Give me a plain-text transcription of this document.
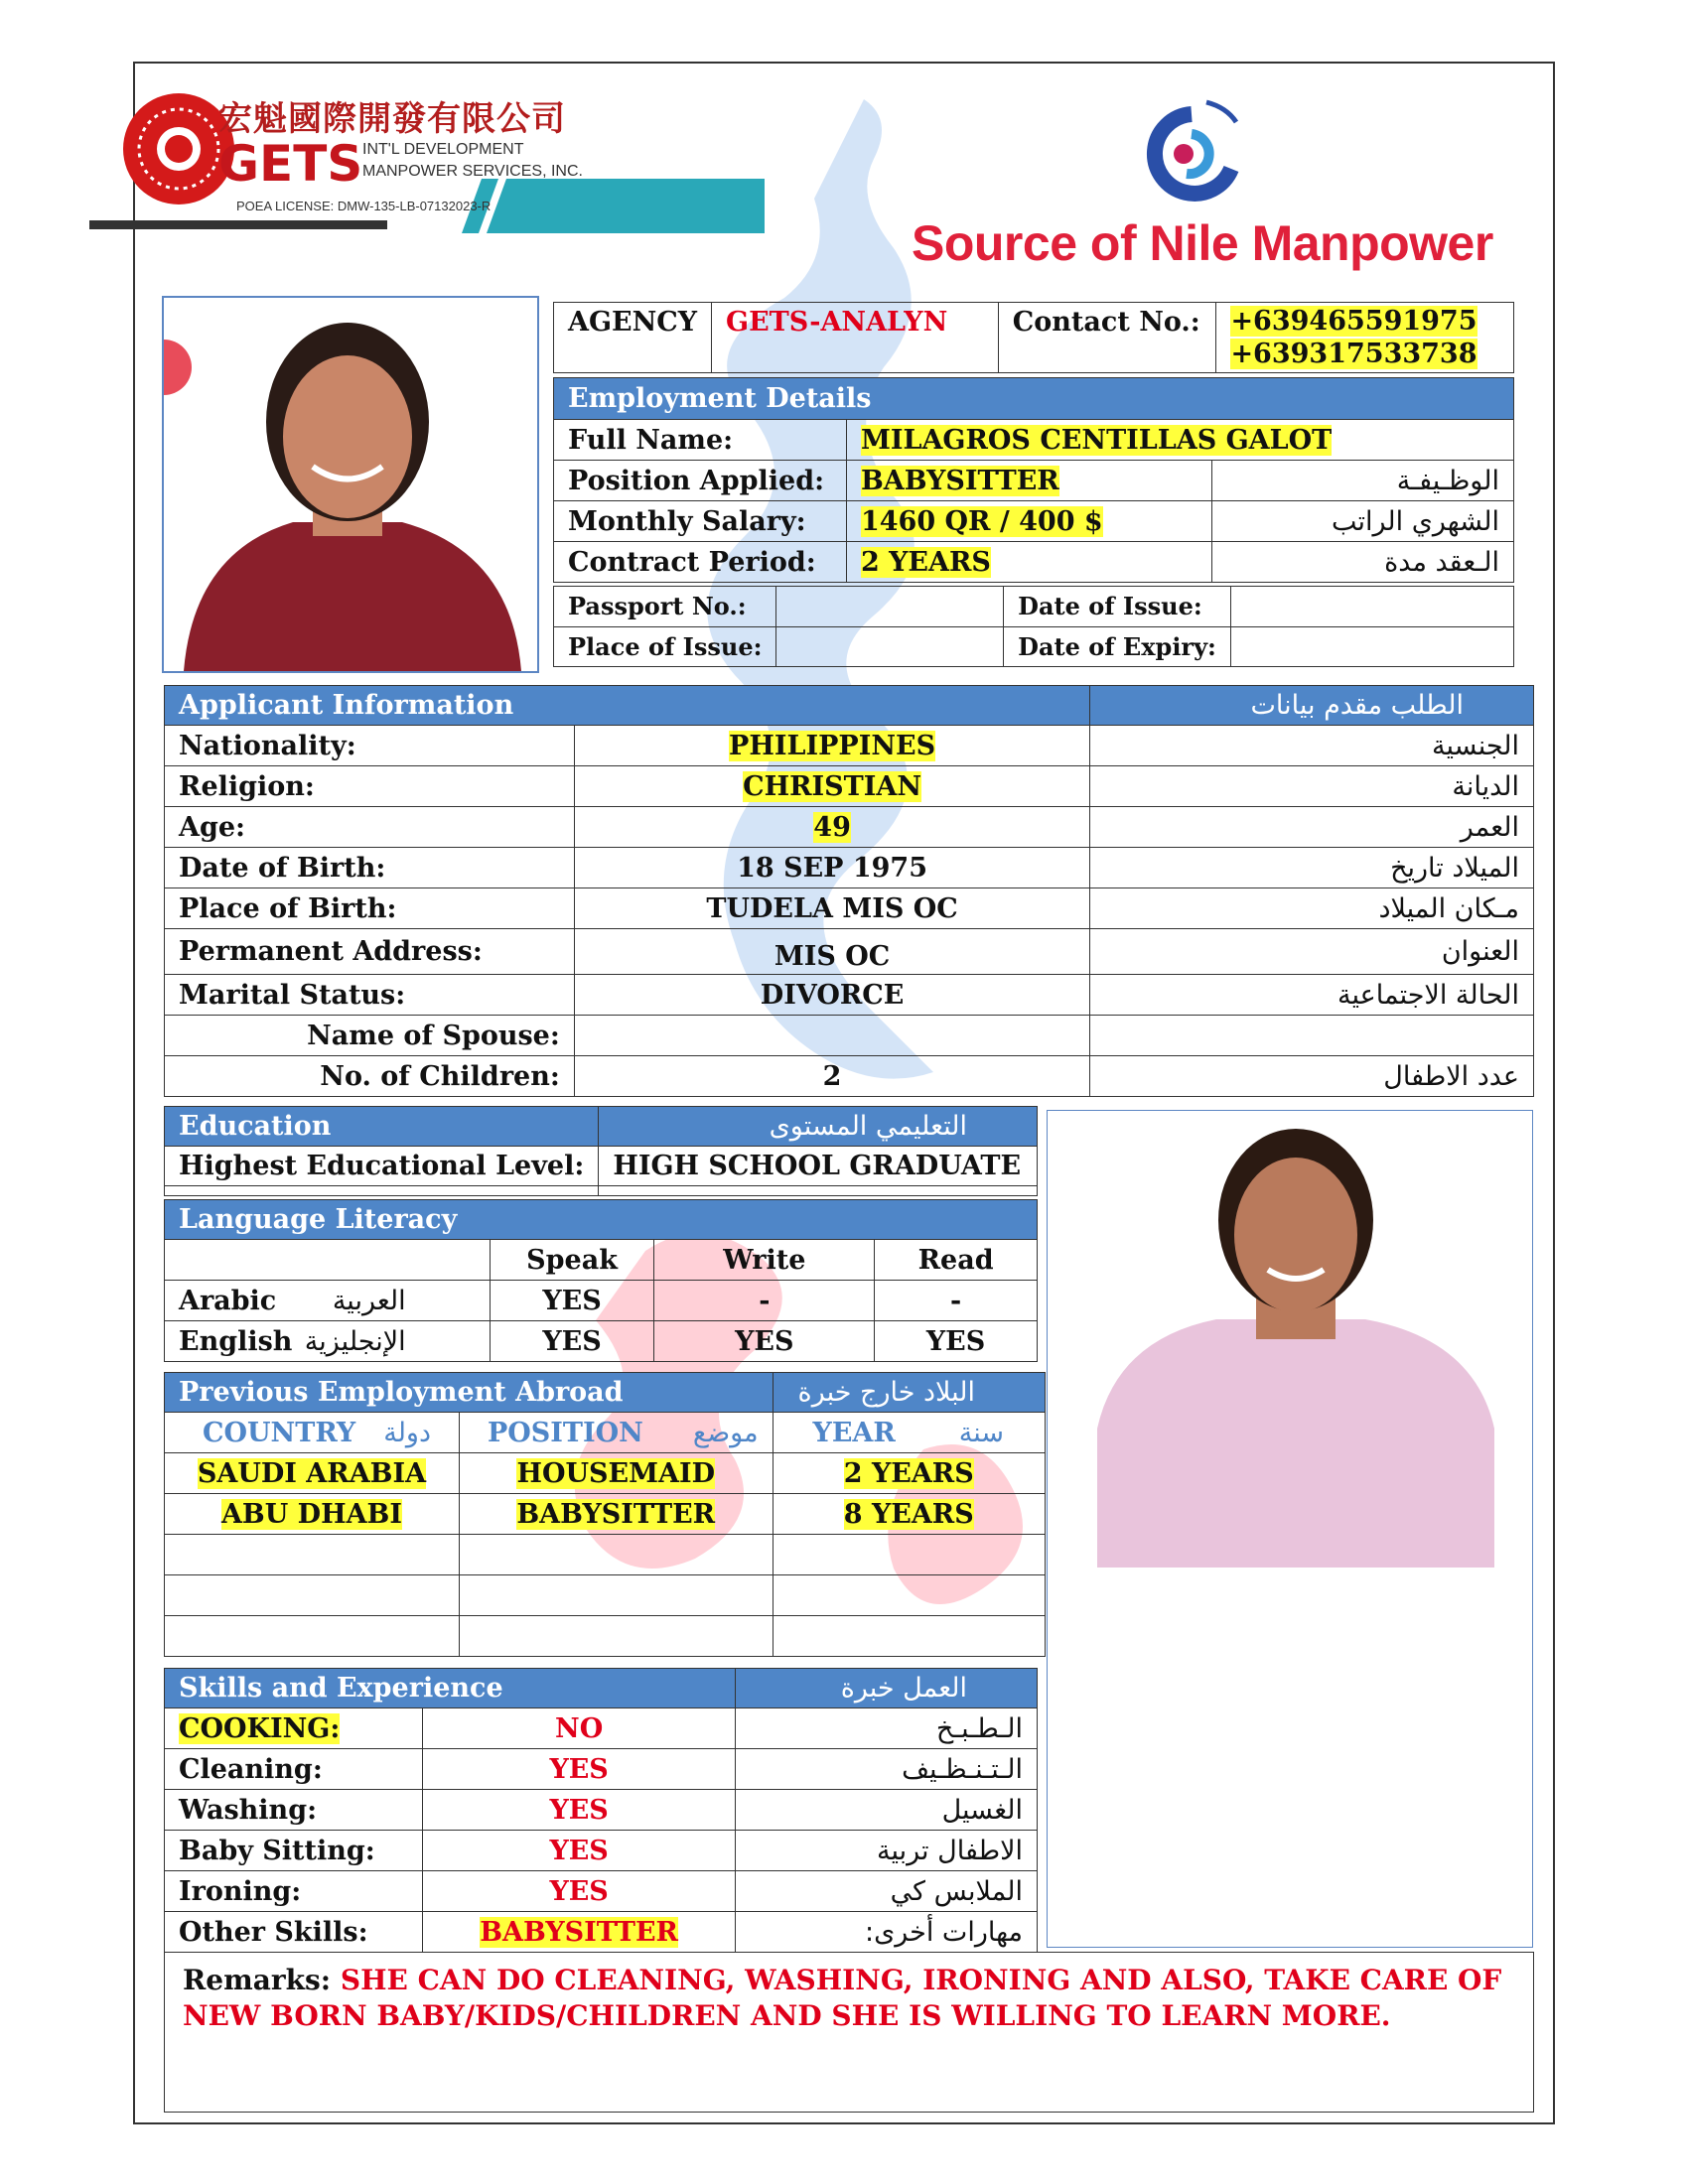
宏魁國際開發有限公司
GETS INT'L DEVELOPMENT
MANPOWER SERVICES, INC.
POEA LICENSE: DMW-135-LB-07132023-R
Source of Nile Manpower
AGENCY	GETS-ANALYN	Contact No.:	+639465591975
+639317533738
Employment Details		
Full Name:	MILAGROS CENTILLAS GALOT	
Position Applied:	BABYSITTER	الوظـيفـة
Monthly Salary:	1460 QR / 400 $	الشهري الراتب
Contract Period:	2 YEARS	الـعقد مدة
Passport No.:		Date of Issue:	
Place of Issue:		Date of Expiry:	
Applicant Information		الطلب مقدم بيانات
Nationality:	PHILIPPINES	الجنسية
Religion:	CHRISTIAN	الديانة
Age:	49	العمر
Date of Birth:	18 SEP 1975	الميلاد تاريخ
Place of Birth:	TUDELA MIS OC	مـكان الميلاد
Permanent Address:	MIS OC	العنوان
Marital Status:	DIVORCE	الحالة الاجتماعية
Name of Spouse:		
No. of Children:	2	عدد الاطفال
Education	التعليمي المستوى
Highest Educational Level:	HIGH SCHOOL GRADUATE

Language Literacy			
	Speak	Write	Read
Arabic العربية	YES	-	-
English الإنجليزية	YES	YES	YES
Previous Employment Abroad		البلاد خارج خبرة
COUNTRY دولة	POSITION موضع	YEAR سنة
SAUDI ARABIA	HOUSEMAID	2 YEARS
ABU DHABI	BABYSITTER	8 YEARS

Skills and Experience		العمل خبرة
COOKING:	NO	الـطـبـخ
Cleaning:	YES	الـتـنـظـيف
Washing:	YES	الغسيل
Baby Sitting:	YES	الاطفال تربية
Ironing:	YES	الملابس كي
Other Skills:	BABYSITTER	مهارات أخرى:
Remarks: SHE CAN DO CLEANING, WASHING, IRONING AND ALSO, TAKE CARE OF NEW BORN BABY/KIDS/CHILDREN AND SHE IS WILLING TO LEARN MORE.
